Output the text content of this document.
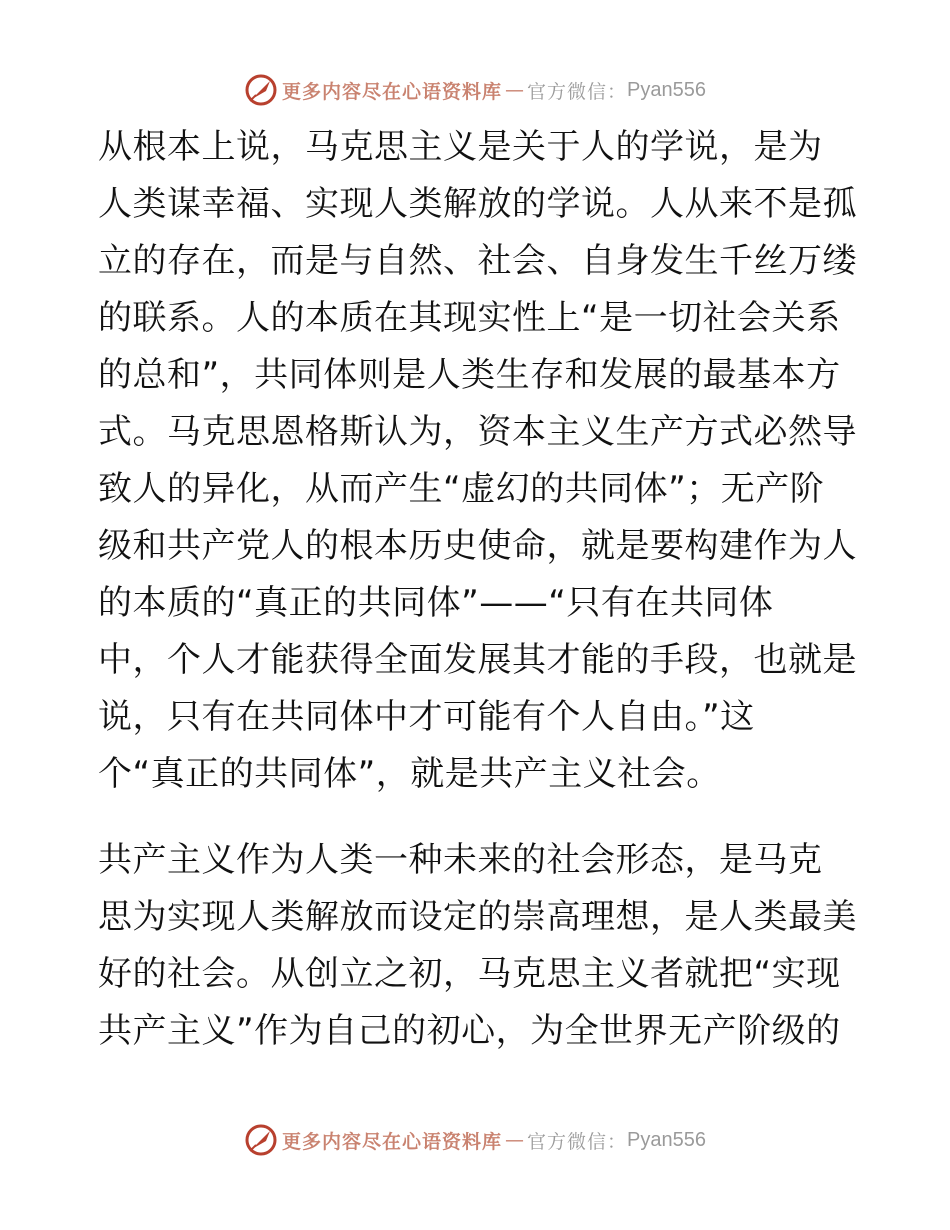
更多内容尽在心语资料库 — 官方微信： Pyan556
从根本上说，马克思主义是关于人的学说，是为
人类谋幸福、实现人类解放的学说。人从来不是孤
立的存在，而是与自然、社会、自身发生千丝万缕
的联系。人的本质在其现实性上“是一切社会关系
的总和”，共同体则是人类生存和发展的最基本方
式。马克思恩格斯认为，资本主义生产方式必然导
致人的异化，从而产生“虚幻的共同体”；无产阶
级和共产党人的根本历史使命，就是要构建作为人
的本质的“真正的共同体”——“只有在共同体
中，个人才能获得全面发展其才能的手段，也就是
说，只有在共同体中才可能有个人自由。”这
个“真正的共同体”，就是共产主义社会。
共产主义作为人类一种未来的社会形态，是马克
思为实现人类解放而设定的崇高理想，是人类最美
好的社会。从创立之初，马克思主义者就把“实现
共产主义”作为自己的初心，为全世界无产阶级的
更多内容尽在心语资料库 — 官方微信： Pyan556
